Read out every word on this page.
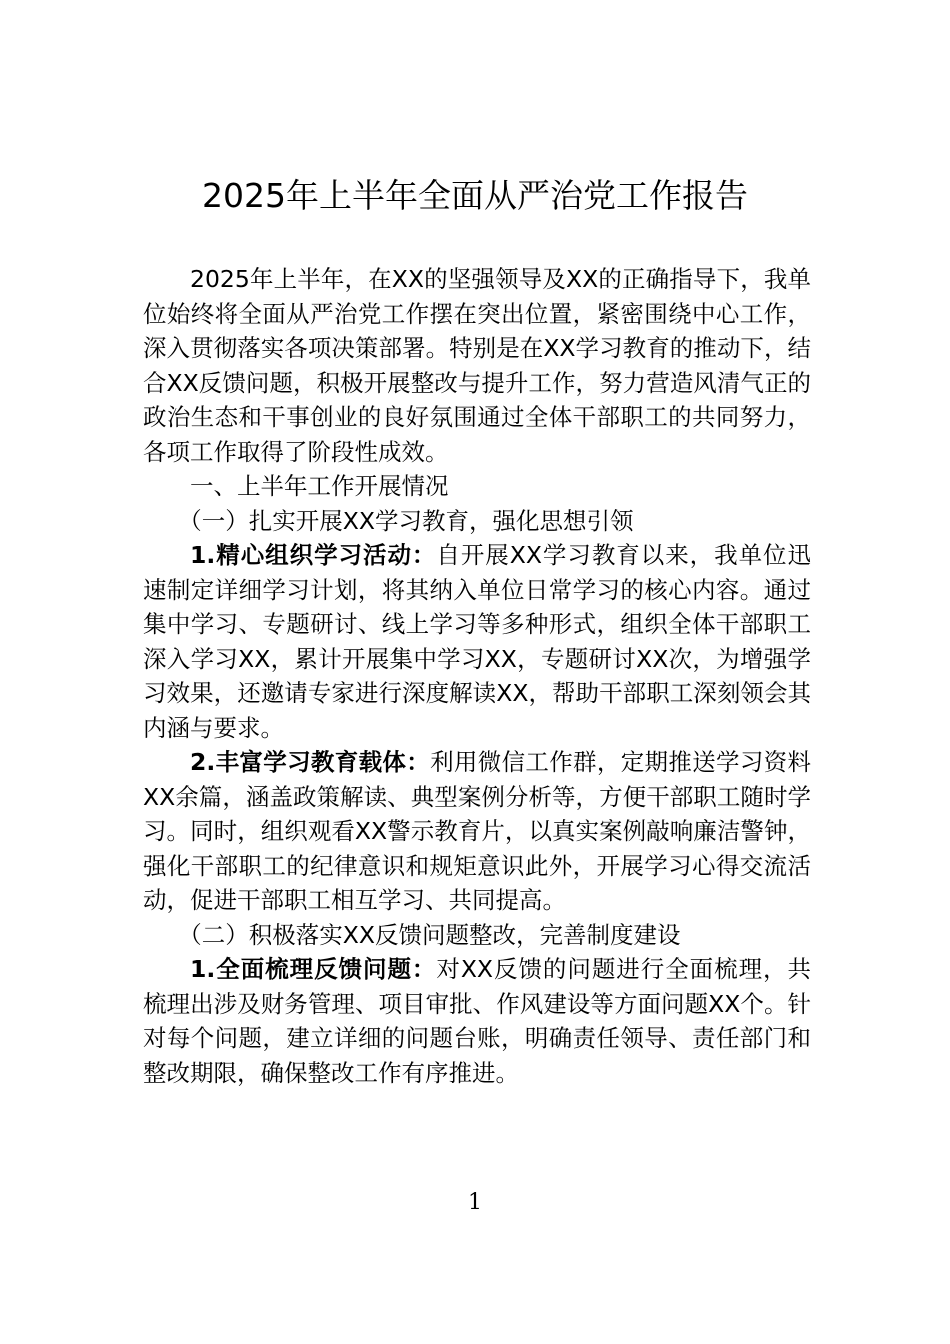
2025年上半年全面从严治党工作报告

2025年上半年，在XX的坚强领导及XX的正确指导下，我单位始终将全面从严治党工作摆在突出位置，紧密围绕中心工作，深入贯彻落实各项决策部署。特别是在XX学习教育的推动下，结合XX反馈问题，积极开展整改与提升工作，努力营造风清气正的政治生态和干事创业的良好氛围通过全体干部职工的共同努力，各项工作取得了阶段性成效。

一、上半年工作开展情况

（一）扎实开展XX学习教育，强化思想引领

1.精心组织学习活动：自开展XX学习教育以来，我单位迅速制定详细学习计划，将其纳入单位日常学习的核心内容。通过集中学习、专题研讨、线上学习等多种形式，组织全体干部职工深入学习XX，累计开展集中学习XX，专题研讨XX次，为增强学习效果，还邀请专家进行深度解读XX，帮助干部职工深刻领会其内涵与要求。

2.丰富学习教育载体：利用微信工作群，定期推送学习资料XX余篇，涵盖政策解读、典型案例分析等，方便干部职工随时学习。同时，组织观看XX警示教育片，以真实案例敲响廉洁警钟，强化干部职工的纪律意识和规矩意识此外，开展学习心得交流活动，促进干部职工相互学习、共同提高。

（二）积极落实XX反馈问题整改，完善制度建设

1.全面梳理反馈问题：对XX反馈的问题进行全面梳理，共梳理出涉及财务管理、项目审批、作风建设等方面问题XX个。针对每个问题，建立详细的问题台账，明确责任领导、责任部门和整改期限，确保整改工作有序推进。

1
